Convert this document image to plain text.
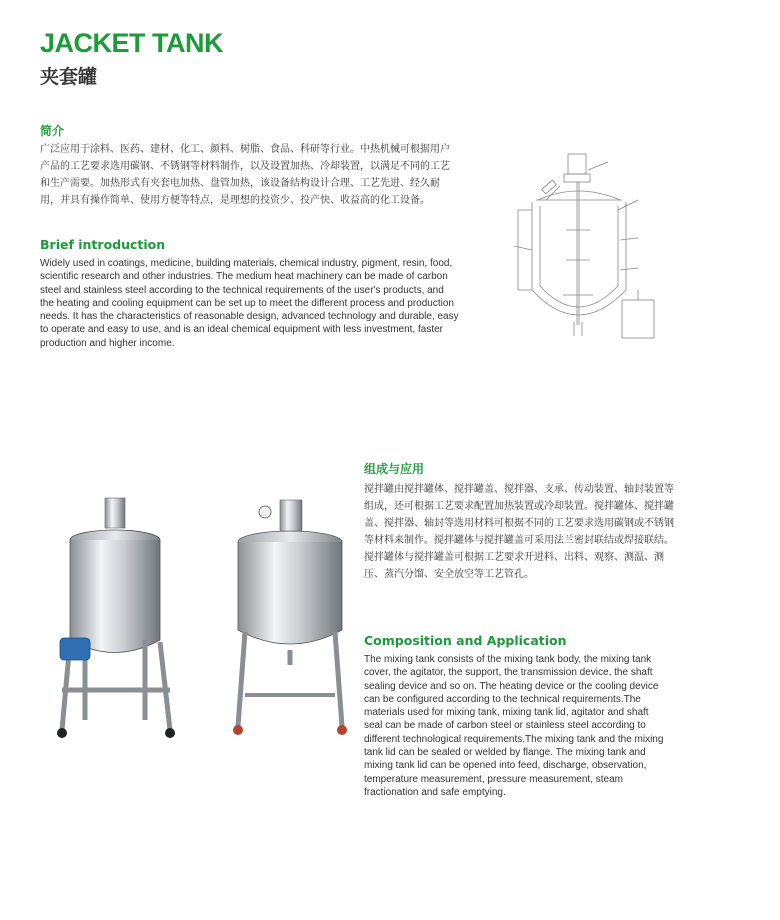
JACKET TANK
夹套罐
简介

广泛应用于涂料、医药、建材、化工、颜料、树脂、食品、科研等行业。中热机械可根据用户产品的工艺要求选用碳钢、不锈钢等材料制作，以及设置加热、冷却装置，以满足不同的工艺和生产需要。加热形式有夹套电加热、盘管加热，该设备结构设计合理、工艺先进、经久耐用，并具有操作简单、使用方便等特点，是理想的投资少、投产快、收益高的化工设备。

Brief introduction

Widely used in coatings, medicine, building materials, chemical industry, pigment, resin, food, scientific research and other industries. The medium heat machinery can be made of carbon steel and stainless steel according to the technical requirements of the user's products, and the heating and cooling equipment can be set up to meet the different process and production needs. It has the characteristics of reasonable design, advanced technology and durable, easy to operate and easy to use, and is an ideal chemical equipment with less investment, faster production and higher income.

组成与应用

搅拌罐由搅拌罐体、搅拌罐盖、搅拌器、支承、传动装置、轴封装置等组成，还可根据工艺要求配置加热装置或冷却装置。搅拌罐体、搅拌罐盖、搅拌器、轴封等选用材料可根据不同的工艺要求选用碳钢或不锈钢等材料来制作。搅拌罐体与搅拌罐盖可采用法兰密封联结或焊接联结。搅拌罐体与搅拌罐盖可根据工艺要求开进料、出料、观察、测温、测压、蒸汽分馏、安全放空等工艺管孔。

Composition and Application

The mixing tank consists of the mixing tank body, the mixing tank cover, the agitator, the support, the transmission device, the shaft sealing device and so on. The heating device or the cooling device can be configured according to the technical requirements.The materials used for mixing tank, mixing tank lid, agitator and shaft seal can be made of carbon steel or stainless steel according to different technological requirements.The mixing tank and the mixing tank lid can be sealed or welded by flange. The mixing tank and mixing tank lid can be opened into feed, discharge, observation, temperature measurement, pressure measurement, steam fractionation and safe emptying.
